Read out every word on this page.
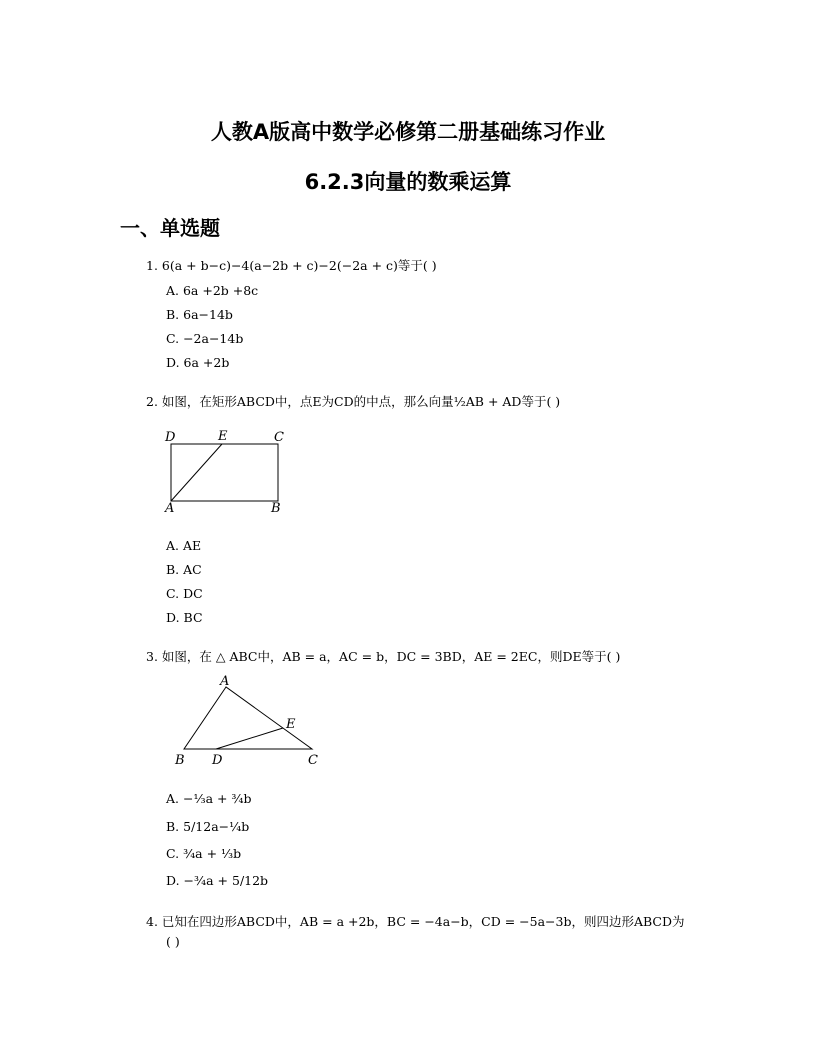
人教A版高中数学必修第二册基础练习作业
6.2.3向量的数乘运算
一、单选题
1. 6(a + b−c)−4(a−2b + c)−2(−2a + c)等于( )
A. 6a +2b +8c
B. 6a−14b
C. −2a−14b
D. 6a +2b
2. 如图，在矩形ABCD中，点E为CD的中点，那么向量½AB + AD等于( )
D	E	C
A	B
A. AE
B. AC
C. DC
D. BC
3. 如图，在 △ ABC中，AB = a，AC = b，DC = 3BD，AE = 2EC，则DE等于( )
A
E
B D	C
A. −⅓a + ¾b
B. 5/12a−¼b
C. ¾a + ⅓b
D. −¾a + 5/12b
4. 已知在四边形ABCD中，AB = a +2b，BC = −4a−b，CD = −5a−3b，则四边形ABCD为
( )
